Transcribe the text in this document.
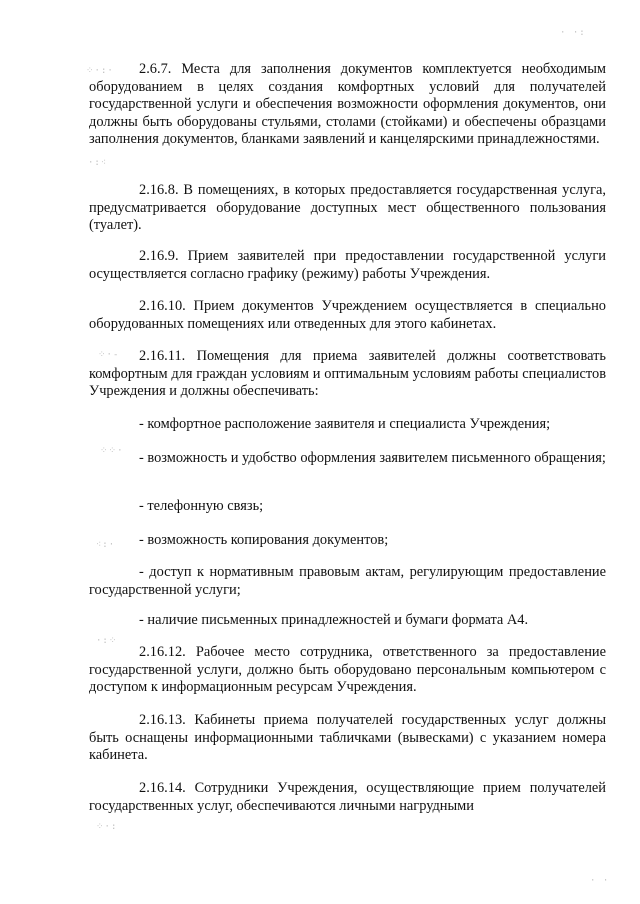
⁘·:·
·:⁖
· ·:
⁘·-
⁘⁘·
⁖:·
·:⁘
⁘·:
· ·

2.6.7. Места для заполнения документов комплектуется необходимым оборудованием в целях создания комфортных условий для получателей государственной услуги и обеспечения возможности оформления документов, они должны быть оборудованы стульями, столами (стойками) и обеспечены образцами заполнения документов, бланками заявлений и канцелярскими принадлежностями.

2.16.8. В помещениях, в которых предоставляется государственная услуга, предусматривается оборудование доступных мест общественного пользования (туалет).

2.16.9. Прием заявителей при предоставлении государственной услуги осуществляется согласно графику (режиму) работы Учреждения.

2.16.10. Прием документов Учреждением осуществляется в специально оборудованных помещениях или отведенных для этого кабинетах.

2.16.11. Помещения для приема заявителей должны соответствовать комфортным для граждан условиям и оптимальным условиям работы специалистов Учреждения и должны обеспечивать:

- комфортное расположение заявителя и специалиста Учреждения;

- возможность и удобство оформления заявителем письменного обращения;

- телефонную связь;

- возможность копирования документов;

- доступ к нормативным правовым актам, регулирующим предоставление государственной услуги;

- наличие письменных принадлежностей и бумаги формата А4.

2.16.12. Рабочее место сотрудника, ответственного за предоставление государственной услуги, должно быть оборудовано персональным компьютером с доступом к информационным ресурсам Учреждения.

2.16.13. Кабинеты приема получателей государственных услуг должны быть оснащены информационными табличками (вывесками) с указанием номера кабинета.

2.16.14. Сотрудники Учреждения, осуществляющие прием получателей государственных услуг, обеспечиваются личными нагрудными
